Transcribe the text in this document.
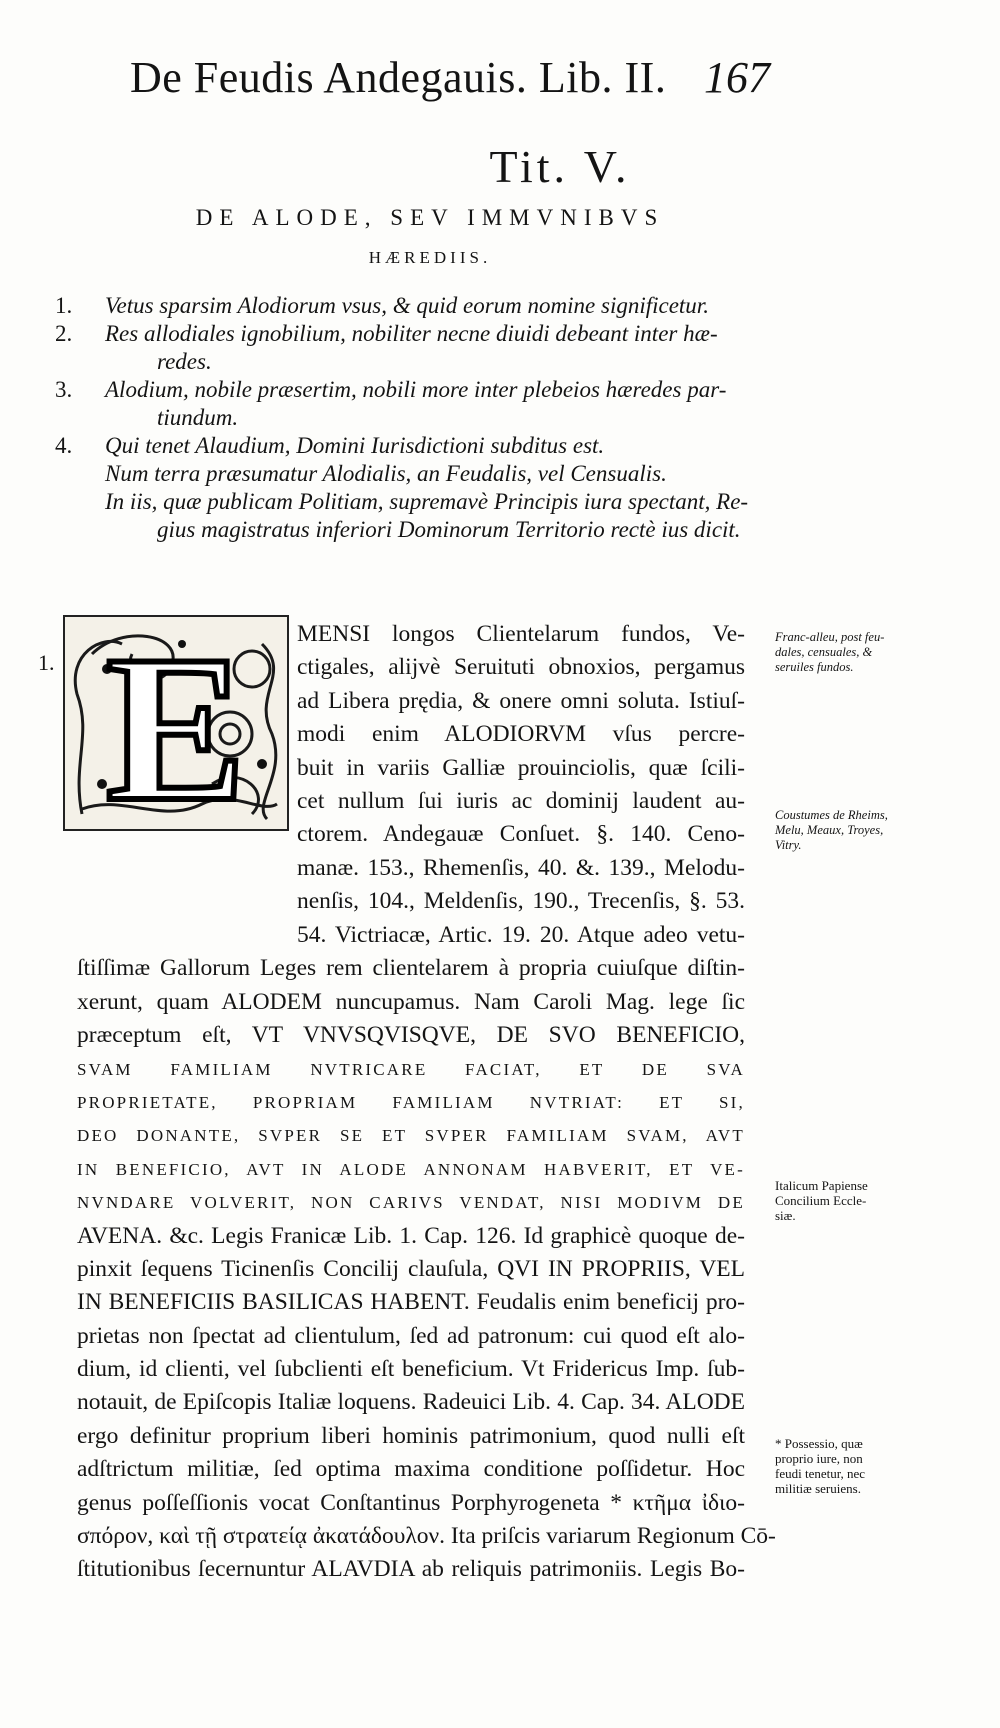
De Feudis Andegauis. Lib. II. 167
Tit. V.
DE ALODE, SEV IMMVNIBVS
HÆREDIIS.
1.	Vetus sparsim Alodiorum vsus, & quid eorum nomine significetur.
2.	Res allodiales ignobilium, nobiliter necne diuidi debeant inter hæ-
redes.
3.	Alodium, nobile præsertim, nobili more inter plebeios hæredes par-
tiundum.
4.	Qui tenet Alaudium, Domini Iurisdictioni subditus est.
Num terra præsumatur Alodialis, an Feudalis, vel Censualis.
In iis, quæ publicam Politiam, supremavè Principis iura spectant, Re-
gius magistratus inferiori Dominorum Territorio rectè ius dicit.
1. E MENSI longos Clientelarum fundos, Ve-
ctigales, alijvè Seruituti obnoxios, pergamus
ad Libera prędia, & onere omni soluta. Istiuſ-
modi enim ALODIORVM vſus percre-
buit in variis Galliæ prouinciolis, quæ ſcili-
cet nullum ſui iuris ac dominij laudent au-
ctorem. Andegauæ Conſuet. §. 140. Ceno-
manæ. 153., Rhemenſis, 40. &. 139., Melodu-
nenſis, 104., Meldenſis, 190., Trecenſis, §. 53.
54. Victriacæ, Artic. 19. 20. Atque adeo vetu-
ſtiſſimæ Gallorum Leges rem clientelarem à propria cuiuſque diſtin-
xerunt, quam ALODEM nuncupamus. Nam Caroli Mag. lege ſic
præceptum eſt, VT VNVSQVISQVE, DE SVO BENEFICIO,
SVAM FAMILIAM NVTRICARE FACIAT, ET DE SVA
PROPRIETATE, PROPRIAM FAMILIAM NVTRIAT: ET SI,
DEO DONANTE, SVPER SE ET SVPER FAMILIAM SVAM, AVT
IN BENEFICIO, AVT IN ALODE ANNONAM HABVERIT, ET VE-
NVNDARE VOLVERIT, NON CARIVS VENDAT, NISI MODIVM DE
AVENA. &c. Legis Franicæ Lib. 1. Cap. 126. Id graphicè quoque de-
pinxit ſequens Ticinenſis Concilij clauſula, QVI IN PROPRIIS, VEL
IN BENEFICIIS BASILICAS HABENT. Feudalis enim beneficij pro-
prietas non ſpectat ad clientulum, ſed ad patronum: cui quod eſt alo-
dium, id clienti, vel ſubclienti eſt beneficium. Vt Fridericus Imp. ſub-
notauit, de Epiſcopis Italiæ loquens. Radeuici Lib. 4. Cap. 34. ALODE
ergo definitur proprium liberi hominis patrimonium, quod nulli eſt
adſtrictum militiæ, ſed optima maxima conditione poſſidetur. Hoc
genus poſſeſſionis vocat Conſtantinus Porphyrogeneta * κτῆμα ἰδιο-
σπόρον, καὶ τῇ στρατείᾳ ἀκατάδουλον. Ita priſcis variarum Regionum Cō-
ſtitutionibus ſecernuntur ALAVDIA ab reliquis patrimoniis. Legis Bo-
Franc-alleu, post feu-
dales, censuales, &
seruiles fundos.
Coustumes de Rheims,
Melu, Meaux, Troyes,
Vitry.
Italicum Papiense
Concilium Eccle-
siæ.
* Possessio, quæ
proprio iure, non
feudi tenetur, nec
militiæ seruiens.
